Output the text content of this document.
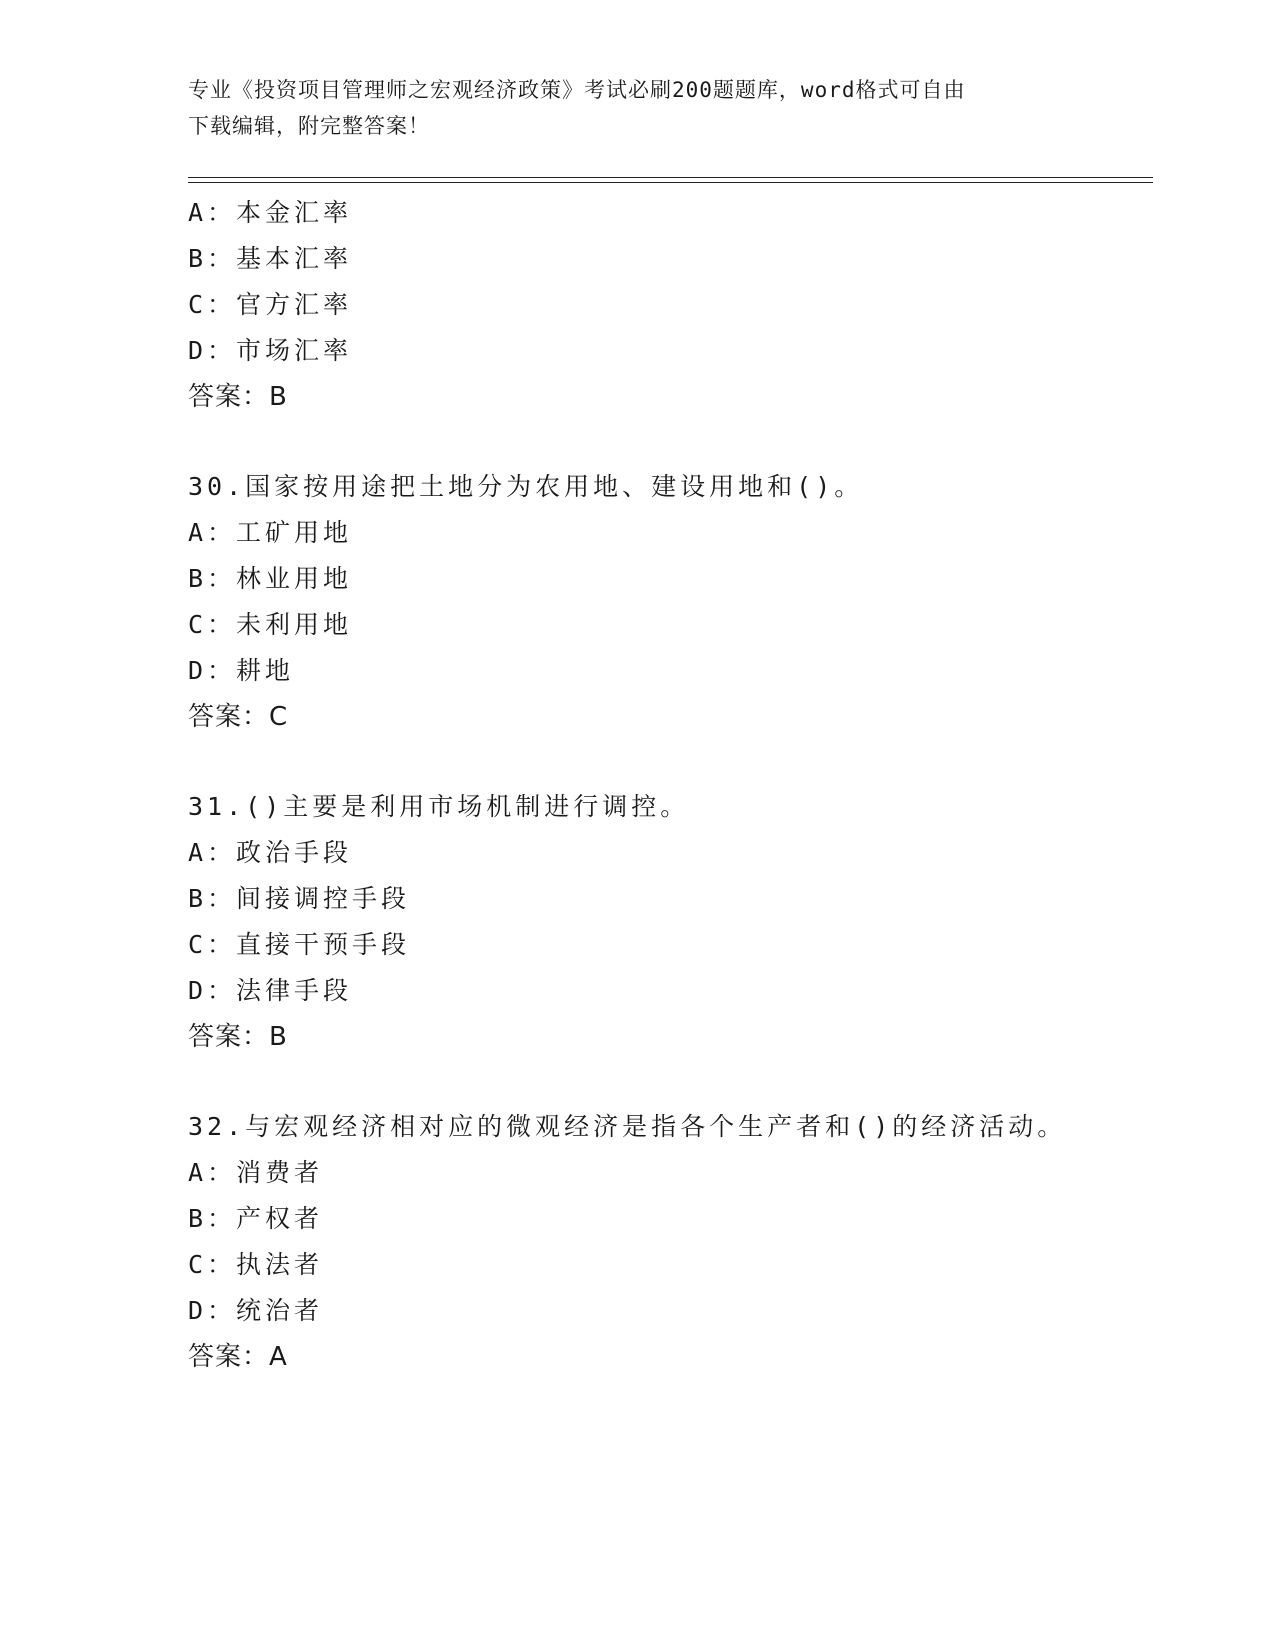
专业《投资项目管理师之宏观经济政策》考试必刷200题题库，word格式可自由
下载编辑，附完整答案！
A：本金汇率
B：基本汇率
C：官方汇率
D：市场汇率
答案：B
30.国家按用途把土地分为农用地、建设用地和()。
A：工矿用地
B：林业用地
C：未利用地
D：耕地
答案：C
31.()主要是利用市场机制进行调控。
A：政治手段
B：间接调控手段
C：直接干预手段
D：法律手段
答案：B
32.与宏观经济相对应的微观经济是指各个生产者和()的经济活动。
A：消费者
B：产权者
C：执法者
D：统治者
答案：A
